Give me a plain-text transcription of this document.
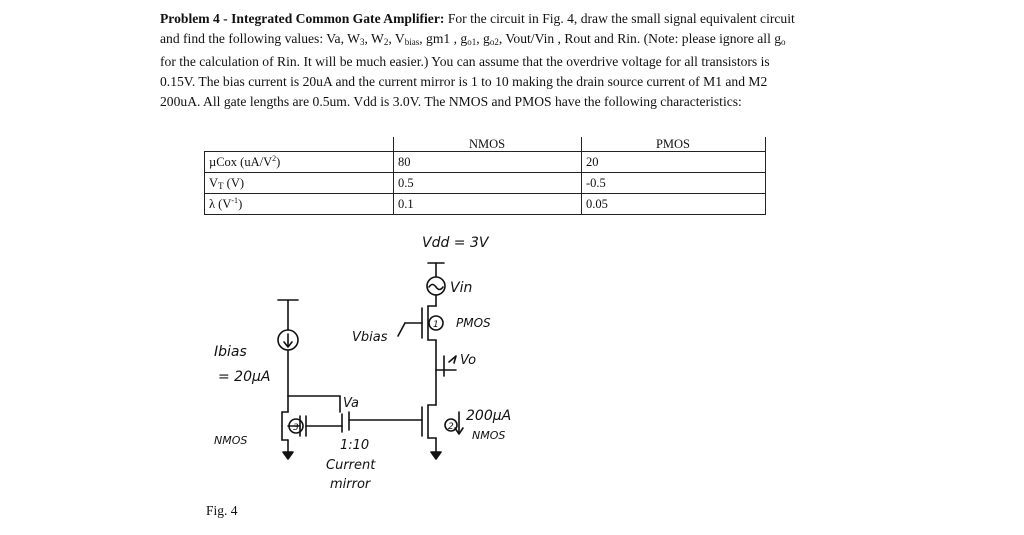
Problem 4 - Integrated Common Gate Amplifier: For the circuit in Fig. 4, draw the small signal equivalent circuit and find the following values: Va, $W_3$, $W_2$, $V_{bias}$, gm1 , $g_{o1}$, $g_{o2}$, Vout/Vin , Rout and Rin. (Note: please ignore all $g_o$ for the calculation of Rin. It will be much easier.) You can assume that the overdrive voltage for all transistors is 0.15V. The bias current is 20uA and the current mirror is 1 to 10 making the drain source current of M1 and M2 200uA. All gate lengths are 0.5um. Vdd is 3.0V. The NMOS and PMOS have the following characteristics:
	NMOS	PMOS
µCox $(uA/V^2)$	80	20
$V_T$ (V)	0.5	-0.5
λ $(V^{-1})$	0.1	0.05
Vdd = 3V
Vin
PMOS
Vbias
Vo
Ibias
= 20μA
Va
200μA
NMOS
NMOS	1:10
Current
mirror
1
2
3
Fig. 4
